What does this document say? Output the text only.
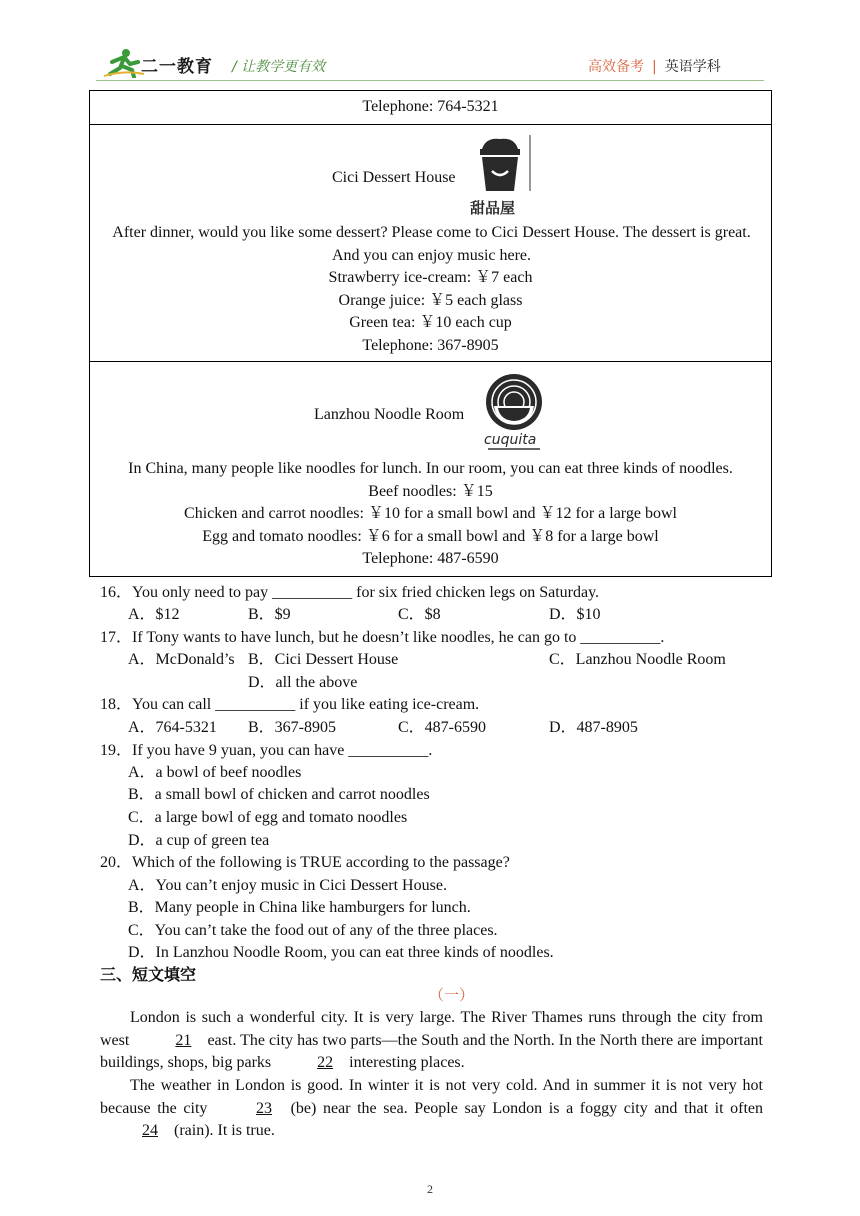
二一教育 / 让教学更有效	高效备考 | 英语学科
Telephone: 764-5321
Cici Dessert House
甜品屋
After dinner, would you like some dessert? Please come to Cici Dessert House. The dessert is great. And you can enjoy music here.
Strawberry ice-cream: ￥7 each
Orange juice: ￥5 each glass
Green tea: ￥10 each cup
Telephone: 367-8905
Lanzhou Noodle Room
cuquita
In China, many people like noodles for lunch. In our room, you can eat three kinds of noodles.
Beef noodles: ￥15
Chicken and carrot noodles: ￥10 for a small bowl and ￥12 for a large bowl
Egg and tomato noodles: ￥6 for a small bowl and ￥8 for a large bowl
Telephone: 487-6590
16．You only need to pay __________ for six fried chicken legs on Saturday.
A．$12	B．$9	C．$8	D．$10
17．If Tony wants to have lunch, but he doesn’t like noodles, he can go to __________.
A．McDonald’s B．Cici Dessert House	C．Lanzhou Noodle Room
D．all the above
18．You can call __________ if you like eating ice-cream.
A．764-5321 B．367-8905	C．487-6590	D．487-8905
19．If you have 9 yuan, you can have __________.
A．a bowl of beef noodles
B．a small bowl of chicken and carrot noodles
C．a large bowl of egg and tomato noodles
D．a cup of green tea
20．Which of the following is TRUE according to the passage?
A．You can’t enjoy music in Cici Dessert House.
B．Many people in China like hamburgers for lunch.
C．You can’t take the food out of any of the three places.
D．In Lanzhou Noodle Room, you can eat three kinds of noodles.
三、短文填空
（一）
London is such a wonderful city. It is very large. The River Thames runs through the city from west	21 east. The city has two parts—the South and the North. In the North there are important buildings, shops, big parks	22 interesting places.
The weather in London is good. In winter it is not very cold. And in summer it is not very hot because the city	23 (be) near the sea. People say London is a foggy city and that it often 24 (rain). It is true.
2
